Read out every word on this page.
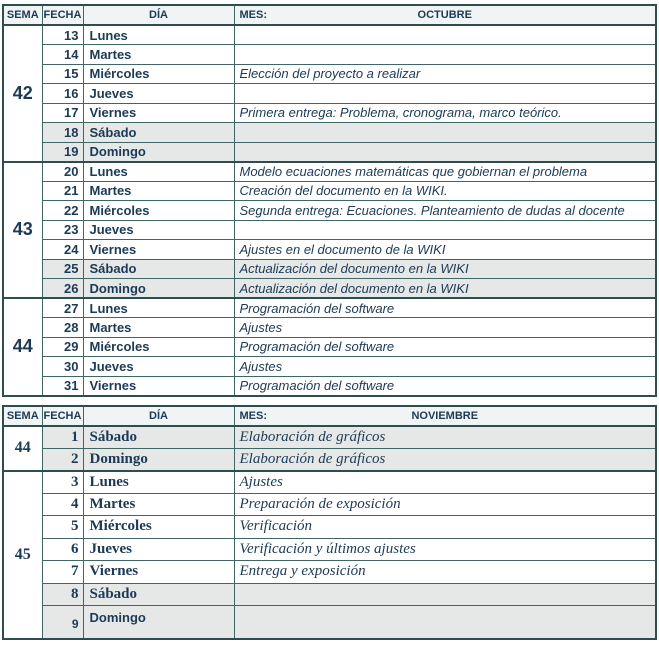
SEMA	FECHA	DÍA	MES: OCTUBRE
42	13	Lunes	
	14	Martes	
	15	Miércoles	Elección del proyecto a realizar
	16	Jueves	
	17	Viernes	Primera entrega: Problema, cronograma, marco teórico.
	18	Sábado	
	19	Domingo	
43	20	Lunes	Modelo ecuaciones matemáticas que gobiernan el problema
	21	Martes	Creación del documento en la WIKI.
	22	Miércoles	Segunda entrega: Ecuaciones. Planteamiento de dudas al docente
	23	Jueves	
	24	Viernes	Ajustes en el documento de la WIKI
	25	Sábado	Actualización del documento en la WIKI
	26	Domingo	Actualización del documento en la WIKI
44	27	Lunes	Programación del software
	28	Martes	Ajustes
	29	Miércoles	Programación del software
	30	Jueves	Ajustes
	31	Viernes	Programación del software
SEMA	FECHA	DÍA	MES: NOVIEMBRE
44	1	Sábado	Elaboración de gráficos
	2	Domingo	Elaboración de gráficos
45	3	Lunes	Ajustes
	4	Martes	Preparación de exposición
	5	Miércoles	Verificación
	6	Jueves	Verificación y últimos ajustes
	7	Viernes	Entrega y exposición
	8	Sábado	
	9	Domingo	
